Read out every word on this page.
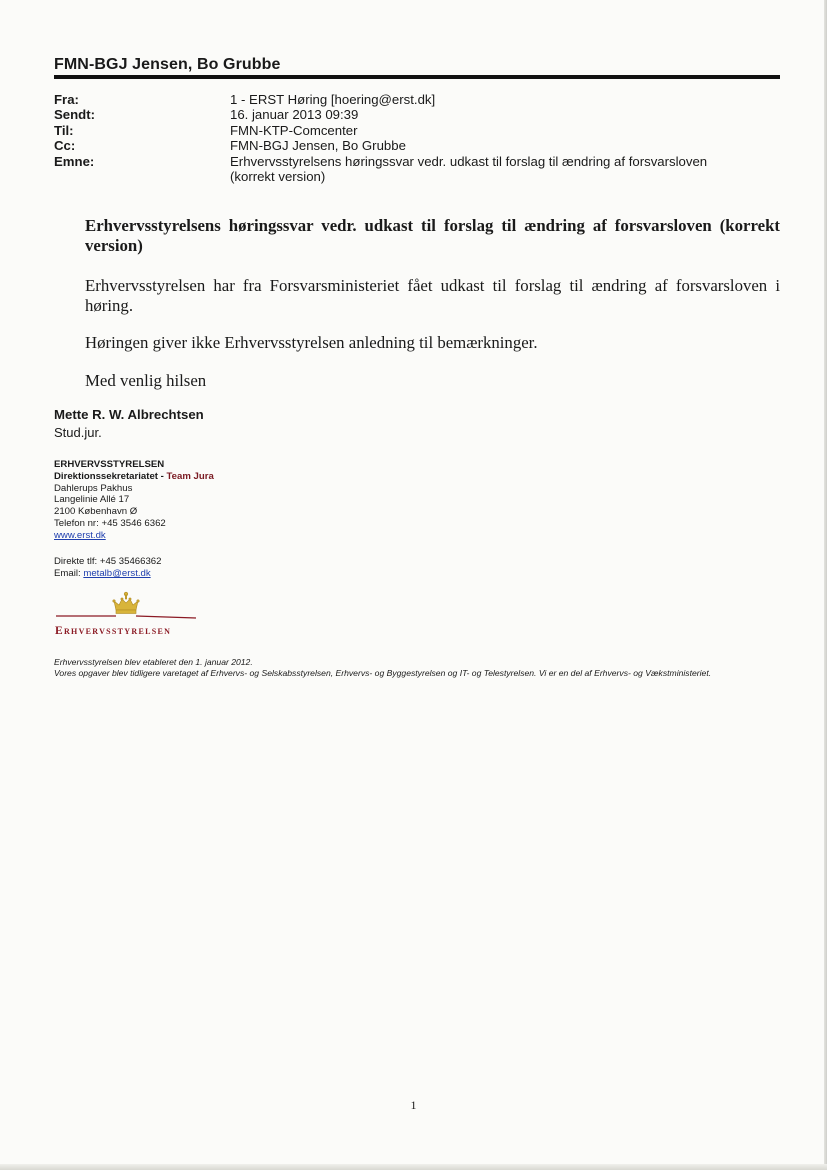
FMN-BGJ Jensen, Bo Grubbe
Fra:	1 - ERST Høring [hoering@erst.dk]
Sendt:	16. januar 2013 09:39
Til:	FMN-KTP-Comcenter
Cc:	FMN-BGJ Jensen, Bo Grubbe
Emne:	Erhvervsstyrelsens høringssvar vedr. udkast til forslag til ændring af forsvarsloven
(korrekt version)
Erhvervsstyrelsens høringssvar vedr. udkast til forslag til ændring af forsvarsloven (korrekt version)
Erhvervsstyrelsen har fra Forsvarsministeriet fået udkast til forslag til ændring af forsvarsloven i høring.
Høringen giver ikke Erhvervsstyrelsen anledning til bemærkninger.
Med venlig hilsen
Mette R. W. Albrechtsen
Stud.jur.
ERHVERVSSTYRELSEN
Direktionssekretariatet - Team Jura
Dahlerups Pakhus
Langelinie Allé 17
2100 København Ø
Telefon nr: +45 3546 6362
www.erst.dk
Direkte tlf: +45 35466362
Email: metalb@erst.dk
Erhvervsstyrelsen
Erhvervsstyrelsen blev etableret den 1. januar 2012.
Vores opgaver blev tidligere varetaget af Erhvervs- og Selskabsstyrelsen, Erhvervs- og Byggestyrelsen og IT- og Telestyrelsen. Vi er en del af Erhvervs- og Vækstministeriet.
1
